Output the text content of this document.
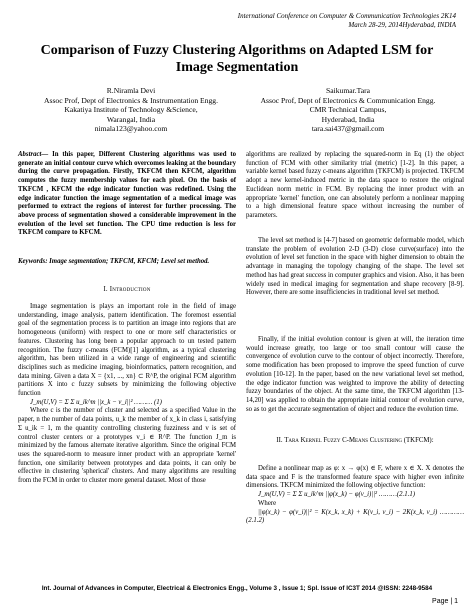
International Conference on Computer & Communication Technologies 2K14
March 28-29, 2014Hyderabad, INDIA
Comparison of Fuzzy Clustering Algorithms on Adapted LSM for Image Segmentation
R.Niramla Devi
Assoc Prof, Dept of Electronics & Instrumentation Engg.
Kakatiya Institute of Technology &Science,
Warangal, India
nimala123@yahoo.com
Saikumar.Tara
Assoc Prof, Dept of Electronics & Communication Engg.
CMR Technical Campus,
Hyderabad, India
tara.sai437@gmail.com
Abstract— In this paper, Different Clustering algorithms was used to generate an initial contour curve which overcomes leaking at the boundary during the curve propagation. Firstly, TKFCM then KFCM, algorithm computes the fuzzy membership values for each pixel. On the basis of TKFCM , KFCM the edge indicator function was redefined. Using the edge indicator function the image segmentation of a medical image was performed to extract the regions of interest for further processing. The above process of segmentation showed a considerable improvement in the evolution of the level set function. The CPU time reduction is less for TKFCM compare to KFCM.
Keywords: Image segmentation; TKFCM, KFCM; Level set method.
I. Introduction

Image segmentation is plays an important role in the field of image understanding, image analysis, pattern identification. The foremost essential goal of the segmentation process is to partition an image into regions that are homogeneous (uniform) with respect to one or more self characteristics or features. Clustering has long been a popular approach to un tested pattern recognition. The fuzzy c-means (FCM)[1] algorithm, as a typical clustering algorithm, has been utilized in a wide range of engineering and scientific disciplines such as medicine imaging, bioinformatics, pattern recognition, and data mining. Given a data X = {x1, ..., xn} ⊂ R^P, the original FCM algorithm partitions X into c fuzzy subsets by minimizing the following objective function

J_m(U,V) = Σ Σ u_ik^m ||x_k − v_i||² ……… (1)

Where c is the number of cluster and selected as a specified Value in the paper, n the number of data points, u_k the member of x_k in class i, satisfying Σ u_ik = 1, m the quantity controlling clustering fuzziness and v is set of control cluster centers or a prototypes v_i ∈ R^P. The function J_m is minimized by the famous alternate iterative algorithm. Since the original FCM uses the squared-norm to measure inner product with an appropriate 'kernel' function, one similarity between prototypes and data points, it can only be effective in clustering 'spherical' clusters. And many algorithms are resulting from the FCM in order to cluster more general dataset. Most of those

algorithms are realized by replacing the squared-norm in Eq (1) the object function of FCM with other similarity trial (metric) [1-2]. In this paper, a variable kernel based fuzzy c-means algorithm (TKFCM) is projected. TKFCM adopt a new kernel-induced metric in the data space to restore the original Euclidean norm metric in FCM. By replacing the inner product with an appropriate 'kernel' function, one can absolutely perform a nonlinear mapping to a high dimensional feature space without increasing the number of parameters.
The level set method is [4-7] based on geometric deformable model, which translate the problem of evolution 2-D (3-D) close curve(surface) into the evolution of level set function in the space with higher dimension to obtain the advantage in managing the topology changing of the shape. The level set method has had great success in computer graphics and vision. Also, it has been widely used in medical imaging for segmentation and shape recovery [8-9]. However, there are some insufficiencies in traditional level set method.
Finally, if the initial evolution contour is given at will, the iteration time would increase greatly, too large or too small contour will cause the convergence of evolution curve to the contour of object incorrectly. Therefore, some modification has been proposed to improve the speed function of curve evolution [10-12]. In the paper, based on the new variational level set method, the edge indicator function was weighted to improve the ability of detecting fuzzy boundaries of the object. At the same time, the TKFCM algorithm [13-14,20] was applied to obtain the appropriate initial contour of evolution curve, so as to get the accurate segmentation of object and reduce the evolution time.
II. Tara Kernel Fuzzy C-Means Clustering (TKFCM):

Define a nonlinear map as φ: x → φ(x) ∈ F, where x ∈ X. X denotes the data space and F is the transformed feature space with higher even infinite dimensions. TKFCM minimized the following objective function:

J_m(U,V) = Σ Σ u_ik^m ||φ(x_k) − φ(v_i)||² ………(2.1.1)

Where

||φ(x_k) − φ(v_i)||² = K(x_k, x_k) + K(v_i, v_i) − 2K(x_k, v_i) …………(2.1.2)

Int. Journal of Advances in Computer, Electrical & Electronics Engg., Volume 3 , Issue 1; Spl. Issue of IC3T 2014 @ISSN: 2248-9584
Page | 1
